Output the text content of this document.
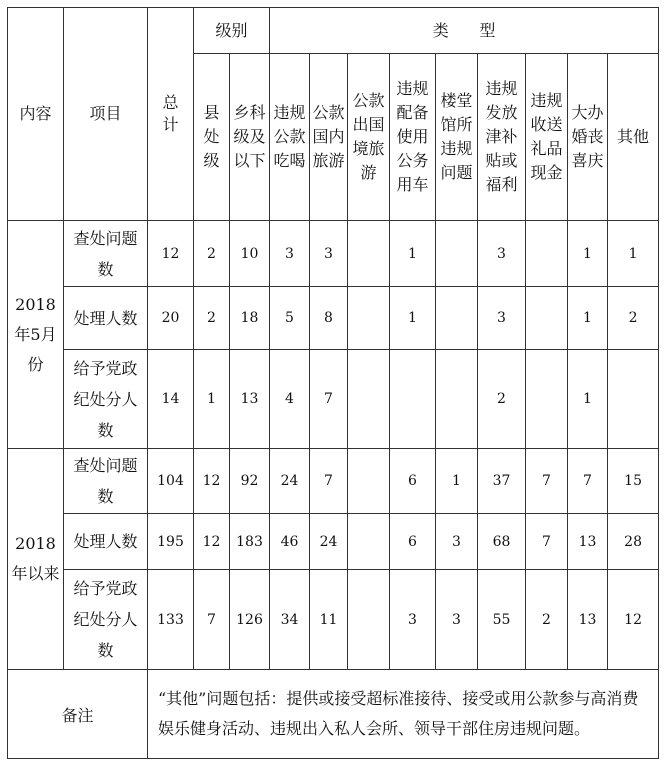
内容	项目	总计	级别		类      型								
			县处级	乡科级及以下	违规公款吃喝	公款国内旅游	公款出国境旅游	违规配备使用公务用车	楼堂馆所违规问题	违规发放津补贴或福利	违规收送礼品现金	大办婚丧喜庆	其他
2018年5月份	查处问题数	12	2	10	3	3		1		3		1	1
	处理人数	20	2	18	5	8		1		3		1	2
	给予党政纪处分人数	14	1	13	4	7				2		1	
2018年以来	查处问题数	104	12	92	24	7		6	1	37	7	7	15
	处理人数	195	12	183	46	24		6	3	68	7	13	28
	给予党政纪处分人数	133	7	126	34	11		3	3	55	2	13	12
备注		“其他”问题包括：提供或接受超标准接待、接受或用公款参与高消费娱乐健身活动、违规出入私人会所、领导干部住房违规问题。											
